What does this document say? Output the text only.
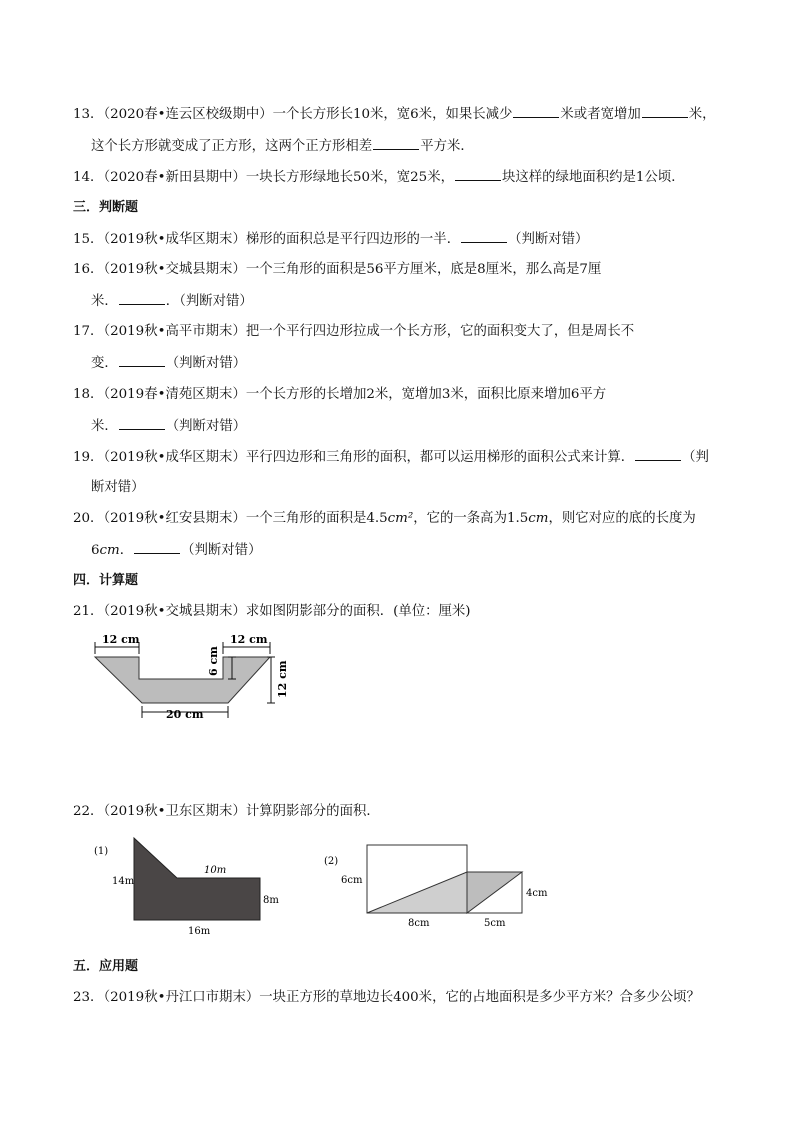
13．（2020春•连云区校级期中）一个长方形长10米，宽6米，如果长减少	米或者宽增加	米，
这个长方形就变成了正方形，这两个正方形相差	平方米．
14．（2020春•新田县期中）一块长方形绿地长50米，宽25米，	块这样的绿地面积约是1公顷．
三．判断题
15．（2019秋•成华区期末）梯形的面积总是平行四边形的一半．	（判断对错）
16．（2019秋•交城县期末）一个三角形的面积是56平方厘米，底是8厘米，那么高是7厘
米．	．（判断对错）
17．（2019秋•高平市期末）把一个平行四边形拉成一个长方形，它的面积变大了，但是周长不
变．	（判断对错）
18．（2019春•清苑区期末）一个长方形的长增加2米，宽增加3米，面积比原来增加6平方
米．	（判断对错）
19．（2019秋•成华区期末）平行四边形和三角形的面积，都可以运用梯形的面积公式来计算．	（判
断对错）
20．（2019秋•红安县期末）一个三角形的面积是4.5cm²，它的一条高为1.5cm，则它对应的底的长度为
6cm．	（判断对错）
四．计算题
21．（2019秋•交城县期末）求如图阴影部分的面积．(单位：厘米)
12 cm	12 cm
6 cm	12 cm
20 cm
22．（2019秋•卫东区期末）计算阴影部分的面积．
(1)
10m
14m
8m
16m
(2)
6cm
4cm
8cm	5cm
五．应用题
23．（2019秋•丹江口市期末）一块正方形的草地边长400米，它的占地面积是多少平方米？合多少公顷？
